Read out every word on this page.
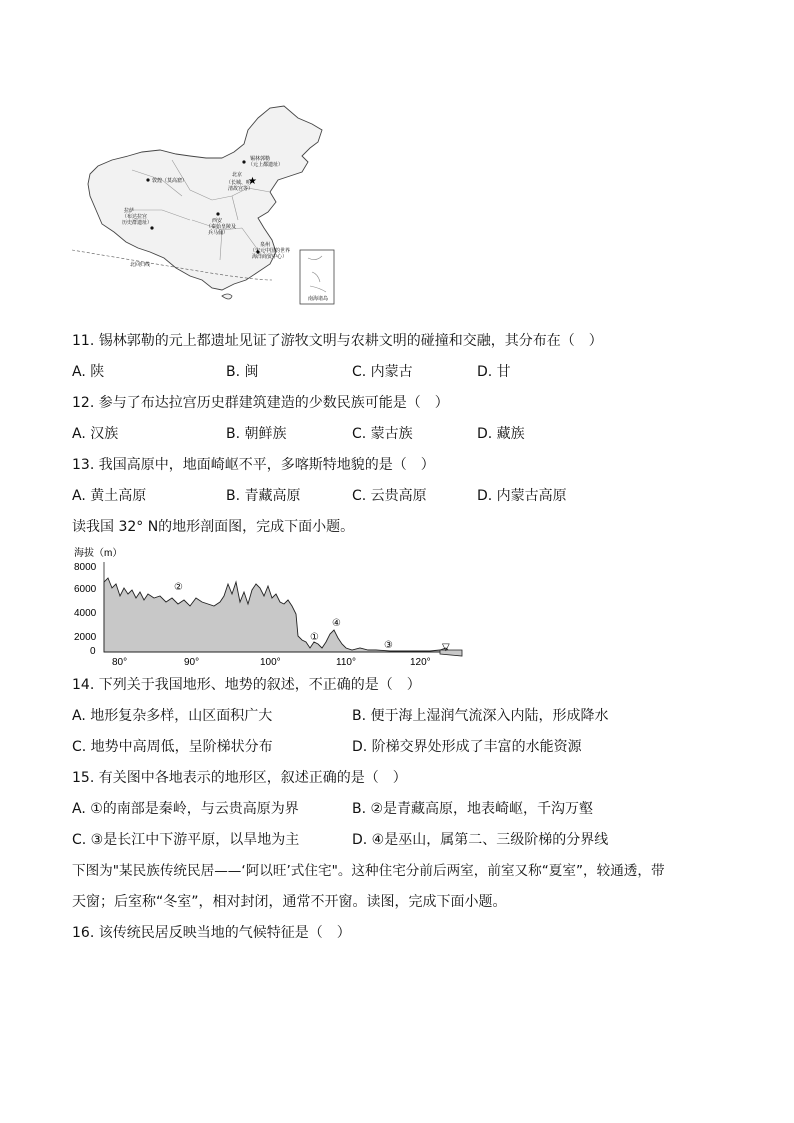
北回归线
锡林郭勒
（元上都遗址）
敦煌（莫高窟）	★
北京
（长城、明
清故宫等）
拉萨
（布达拉宫
历史群遗址）	西安
（秦始皇陵及
兵马俑）
泉州
（宋元中国的世界
海洋商贸中心）
南海诸岛
11. 锡林郭勒的元上都遗址见证了游牧文明与农耕文明的碰撞和交融，其分布在（　）
A. 陕	B. 闽	C. 内蒙古	D. 甘
12. 参与了布达拉宫历史群建筑建造的少数民族可能是（　）
A. 汉族	B. 朝鲜族	C. 蒙古族	D. 藏族
13. 我国高原中，地面崎岖不平，多喀斯特地貌的是（　）
A. 黄土高原	B. 青藏高原	C. 云贵高原	D. 内蒙古高原
读我国 32° N的地形剖面图，完成下面小题。
海拔（m）
8000
6000
4000
2000
0	▽
②
①
④
③
80°	90°	100°	110°	120°
14. 下列关于我国地形、地势的叙述，不正确的是（　）
A. 地形复杂多样，山区面积广大	B. 便于海上湿润气流深入内陆，形成降水
C. 地势中高周低，呈阶梯状分布	D. 阶梯交界处形成了丰富的水能资源
15. 有关图中各地表示的地形区，叙述正确的是（　）
A. ①的南部是秦岭，与云贵高原为界	B. ②是青藏高原，地表崎岖，千沟万壑
C. ③是长江中下游平原，以旱地为主	D. ④是巫山，属第二、三级阶梯的分界线
下图为"某民族传统民居——‘阿以旺’式住宅"。这种住宅分前后两室，前室又称“夏室”，较通透，带
天窗；后室称“冬室”，相对封闭，通常不开窗。读图，完成下面小题。
16. 该传统民居反映当地的气候特征是（　）
